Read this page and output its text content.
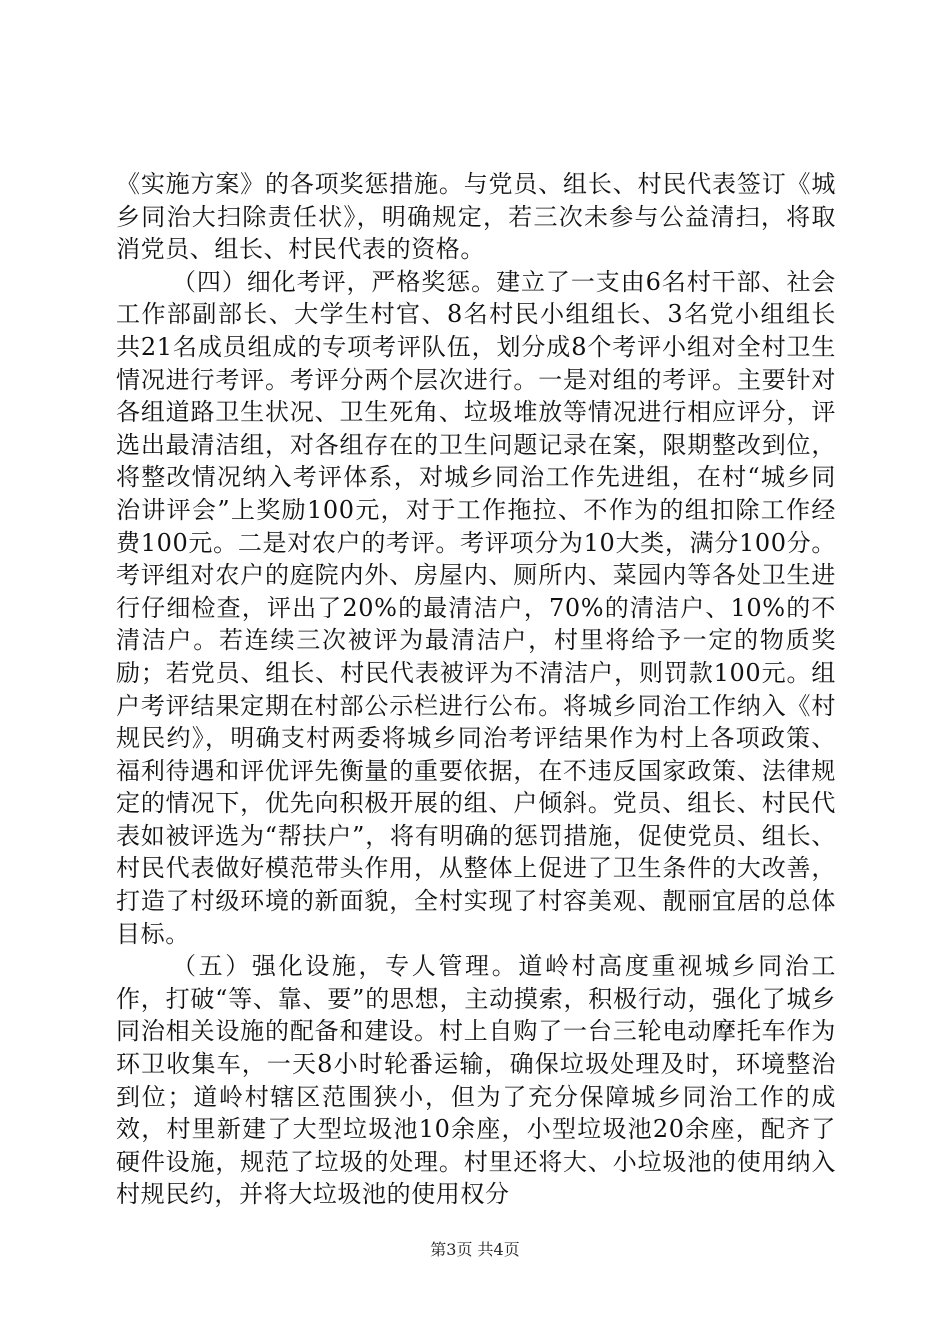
《实施方案》的各项奖惩措施。与党员、组长、村民代表签订《城乡同治大扫除责任状》，明确规定，若三次未参与公益清扫，将取消党员、组长、村民代表的资格。

（四）细化考评，严格奖惩。建立了一支由6名村干部、社会工作部副部长、大学生村官、8名村民小组组长、3名党小组组长共21名成员组成的专项考评队伍，划分成8个考评小组对全村卫生情况进行考评。考评分两个层次进行。一是对组的考评。主要针对各组道路卫生状况、卫生死角、垃圾堆放等情况进行相应评分，评选出最清洁组，对各组存在的卫生问题记录在案，限期整改到位，将整改情况纳入考评体系，对城乡同治工作先进组，在村“城乡同治讲评会”上奖励100元，对于工作拖拉、不作为的组扣除工作经费100元。二是对农户的考评。考评项分为10大类，满分100分。考评组对农户的庭院内外、房屋内、厕所内、菜园内等各处卫生进行仔细检查，评出了20%的最清洁户，70%的清洁户、10%的不清洁户。若连续三次被评为最清洁户，村里将给予一定的物质奖励；若党员、组长、村民代表被评为不清洁户，则罚款100元。组户考评结果定期在村部公示栏进行公布。将城乡同治工作纳入《村规民约》，明确支村两委将城乡同治考评结果作为村上各项政策、福利待遇和评优评先衡量的重要依据，在不违反国家政策、法律规定的情况下，优先向积极开展的组、户倾斜。党员、组长、村民代表如被评选为“帮扶户”，将有明确的惩罚措施，促使党员、组长、村民代表做好模范带头作用，从整体上促进了卫生条件的大改善，打造了村级环境的新面貌，全村实现了村容美观、靓丽宜居的总体目标。

（五）强化设施，专人管理。道岭村高度重视城乡同治工作，打破“等、靠、要”的思想，主动摸索，积极行动，强化了城乡同治相关设施的配备和建设。村上自购了一台三轮电动摩托车作为环卫收集车，一天8小时轮番运输，确保垃圾处理及时，环境整治到位；道岭村辖区范围狭小，但为了充分保障城乡同治工作的成效，村里新建了大型垃圾池10余座，小型垃圾池20余座，配齐了硬件设施，规范了垃圾的处理。村里还将大、小垃圾池的使用纳入村规民约，并将大垃圾池的使用权分

第3页 共4页
